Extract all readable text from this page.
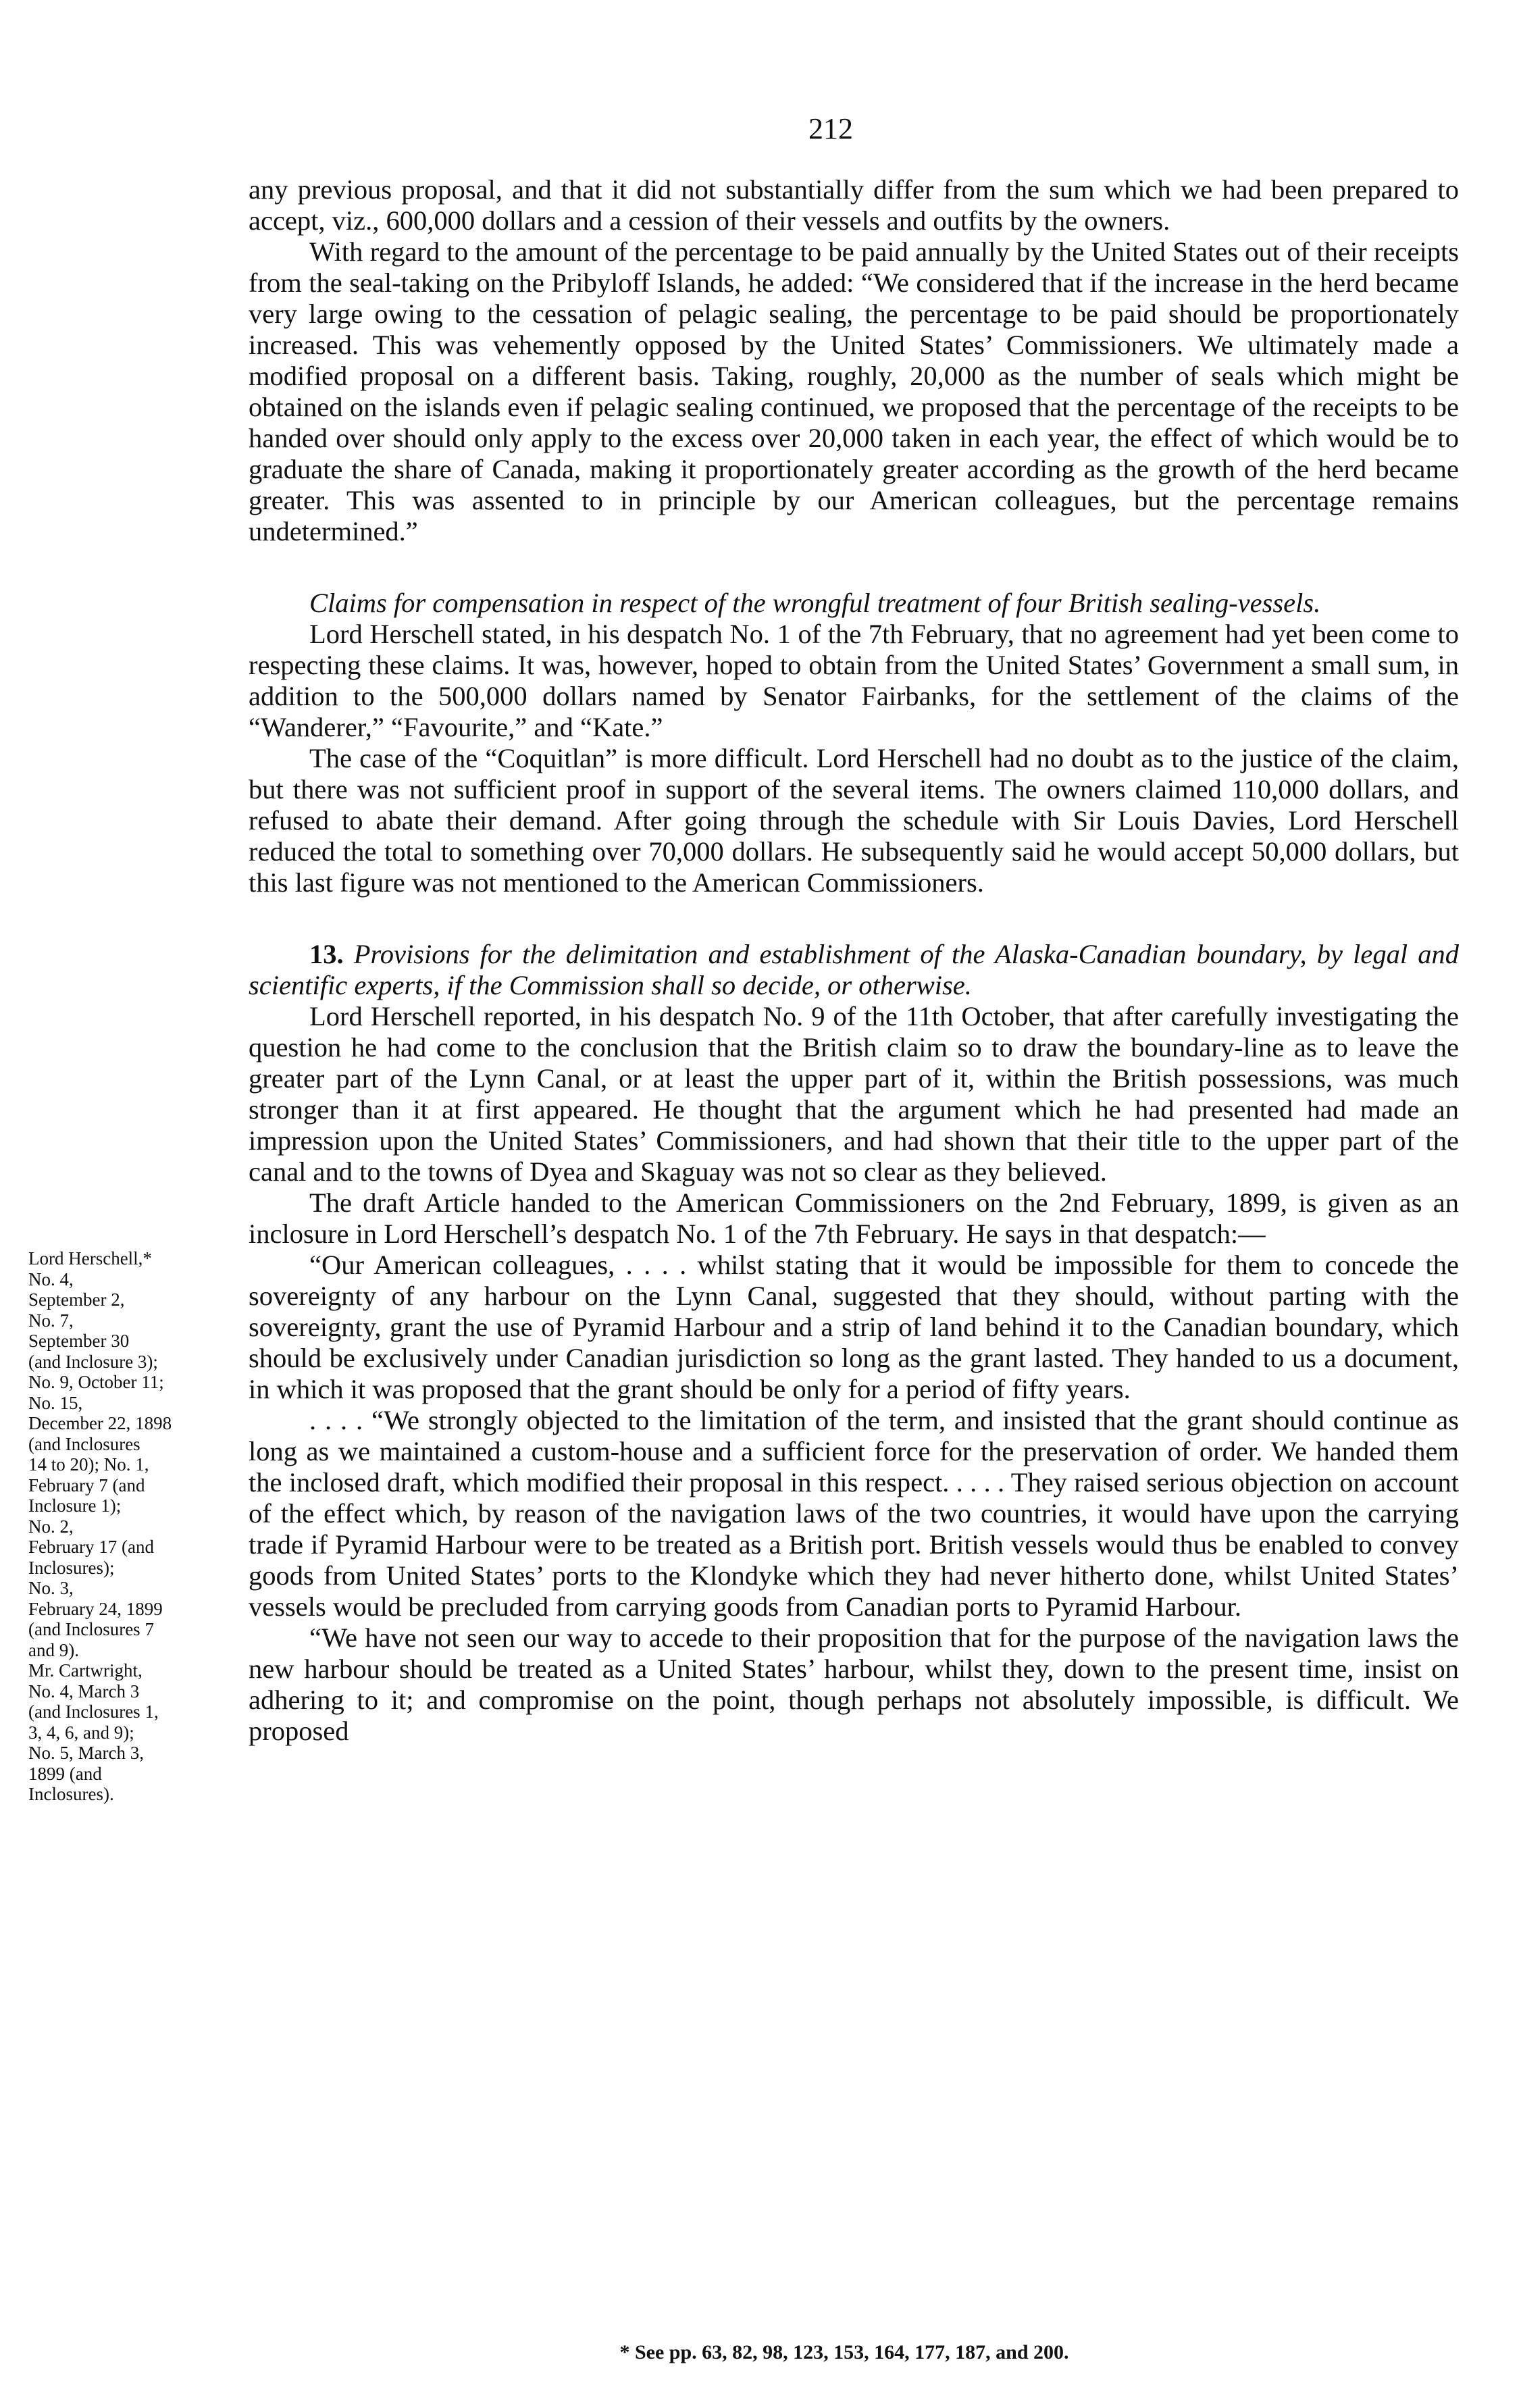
212

any previous proposal, and that it did not substantially differ from the sum which we had been prepared to accept, viz., 600,000 dollars and a cession of their vessels and outfits by the owners.

With regard to the amount of the percentage to be paid annually by the United States out of their receipts from the seal-taking on the Pribyloff Islands, he added: “We considered that if the increase in the herd became very large owing to the cessation of pelagic sealing, the percentage to be paid should be proportionately increased. This was vehemently opposed by the United States’ Commissioners. We ultimately made a modified proposal on a different basis. Taking, roughly, 20,000 as the number of seals which might be obtained on the islands even if pelagic sealing continued, we proposed that the percentage of the receipts to be handed over should only apply to the excess over 20,000 taken in each year, the effect of which would be to graduate the share of Canada, making it proportionately greater according as the growth of the herd became greater. This was assented to in principle by our American colleagues, but the percentage remains undetermined.”

Claims for compensation in respect of the wrongful treatment of four British sealing-vessels.

Lord Herschell stated, in his despatch No. 1 of the 7th February, that no agreement had yet been come to respecting these claims. It was, however, hoped to obtain from the United States’ Government a small sum, in addition to the 500,000 dollars named by Senator Fairbanks, for the settlement of the claims of the “Wanderer,” “Favourite,” and “Kate.”

The case of the “Coquitlan” is more difficult. Lord Herschell had no doubt as to the justice of the claim, but there was not sufficient proof in support of the several items. The owners claimed 110,000 dollars, and refused to abate their demand. After going through the schedule with Sir Louis Davies, Lord Herschell reduced the total to something over 70,000 dollars. He subsequently said he would accept 50,000 dollars, but this last figure was not mentioned to the American Commissioners.

13. Provisions for the delimitation and establishment of the Alaska-Canadian boundary, by legal and scientific experts, if the Commission shall so decide, or otherwise.

Lord Herschell reported, in his despatch No. 9 of the 11th October, that after carefully investigating the question he had come to the conclusion that the British claim so to draw the boundary-line as to leave the greater part of the Lynn Canal, or at least the upper part of it, within the British possessions, was much stronger than it at first appeared. He thought that the argument which he had presented had made an impression upon the United States’ Commissioners, and had shown that their title to the upper part of the canal and to the towns of Dyea and Skaguay was not so clear as they believed.

The draft Article handed to the American Commissioners on the 2nd February, 1899, is given as an inclosure in Lord Herschell’s despatch No. 1 of the 7th February. He says in that despatch:—

“Our American colleagues, . . . . whilst stating that it would be impossible for them to concede the sovereignty of any harbour on the Lynn Canal, suggested that they should, without parting with the sovereignty, grant the use of Pyramid Harbour and a strip of land behind it to the Canadian boundary, which should be exclusively under Canadian jurisdiction so long as the grant lasted. They handed to us a document, in which it was proposed that the grant should be only for a period of fifty years.

. . . . “We strongly objected to the limitation of the term, and insisted that the grant should continue as long as we maintained a custom-house and a sufficient force for the preservation of order. We handed them the inclosed draft, which modified their proposal in this respect. . . . . They raised serious objection on account of the effect which, by reason of the navigation laws of the two countries, it would have upon the carrying trade if Pyramid Harbour were to be treated as a British port. British vessels would thus be enabled to convey goods from United States’ ports to the Klondyke which they had never hitherto done, whilst United States’ vessels would be precluded from carrying goods from Canadian ports to Pyramid Harbour.

“We have not seen our way to accede to their proposition that for the purpose of the navigation laws the new harbour should be treated as a United States’ harbour, whilst they, down to the present time, insist on adhering to it; and compromise on the point, though perhaps not absolutely impossible, is difficult. We proposed

Lord Herschell,*
No. 4,
September 2,
No. 7,
September 30
(and Inclosure 3);
No. 9, October 11;
No. 15,
December 22, 1898
(and Inclosures
14 to 20); No. 1,
February 7 (and
Inclosure 1);
No. 2,
February 17 (and
Inclosures);
No. 3,
February 24, 1899
(and Inclosures 7
and 9).
Mr. Cartwright,
No. 4, March 3
(and Inclosures 1,
3, 4, 6, and 9);
No. 5, March 3,
1899 (and
Inclosures).
* See pp. 63, 82, 98, 123, 153, 164, 177, 187, and 200.
